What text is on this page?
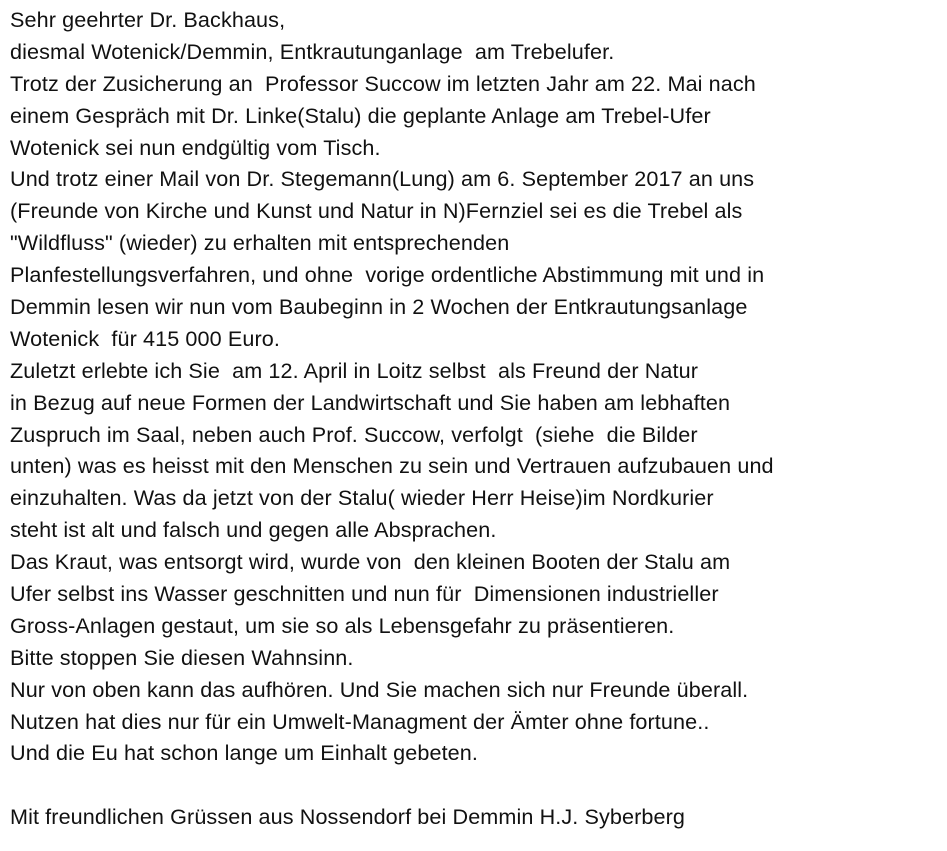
Sehr geehrter Dr. Backhaus,
diesmal Wotenick/Demmin, Entkrautunganlage  am Trebelufer.
Trotz der Zusicherung an  Professor Succow im letzten Jahr am 22. Mai nach
einem Gespräch mit Dr. Linke(Stalu) die geplante Anlage am Trebel-Ufer
Wotenick sei nun endgültig vom Tisch.
Und trotz einer Mail von Dr. Stegemann(Lung) am 6. September 2017 an uns
(Freunde von Kirche und Kunst und Natur in N)Fernziel sei es die Trebel als
"Wildfluss" (wieder) zu erhalten mit entsprechenden
Planfestellungsverfahren, und ohne  vorige ordentliche Abstimmung mit und in
Demmin lesen wir nun vom Baubeginn in 2 Wochen der Entkrautungsanlage
Wotenick  für 415 000 Euro.
Zuletzt erlebte ich Sie  am 12. April in Loitz selbst  als Freund der Natur
in Bezug auf neue Formen der Landwirtschaft und Sie haben am lebhaften
Zuspruch im Saal, neben auch Prof. Succow, verfolgt  (siehe  die Bilder
unten) was es heisst mit den Menschen zu sein und Vertrauen aufzubauen und
einzuhalten. Was da jetzt von der Stalu( wieder Herr Heise)im Nordkurier
steht ist alt und falsch und gegen alle Absprachen.
Das Kraut, was entsorgt wird, wurde von  den kleinen Booten der Stalu am
Ufer selbst ins Wasser geschnitten und nun für  Dimensionen industrieller
Gross-Anlagen gestaut, um sie so als Lebensgefahr zu präsentieren.
Bitte stoppen Sie diesen Wahnsinn.
Nur von oben kann das aufhören. Und Sie machen sich nur Freunde überall.
Nutzen hat dies nur für ein Umwelt-Managment der Ämter ohne fortune..
Und die Eu hat schon lange um Einhalt gebeten.
Mit freundlichen Grüssen aus Nossendorf bei Demmin H.J. Syberberg
